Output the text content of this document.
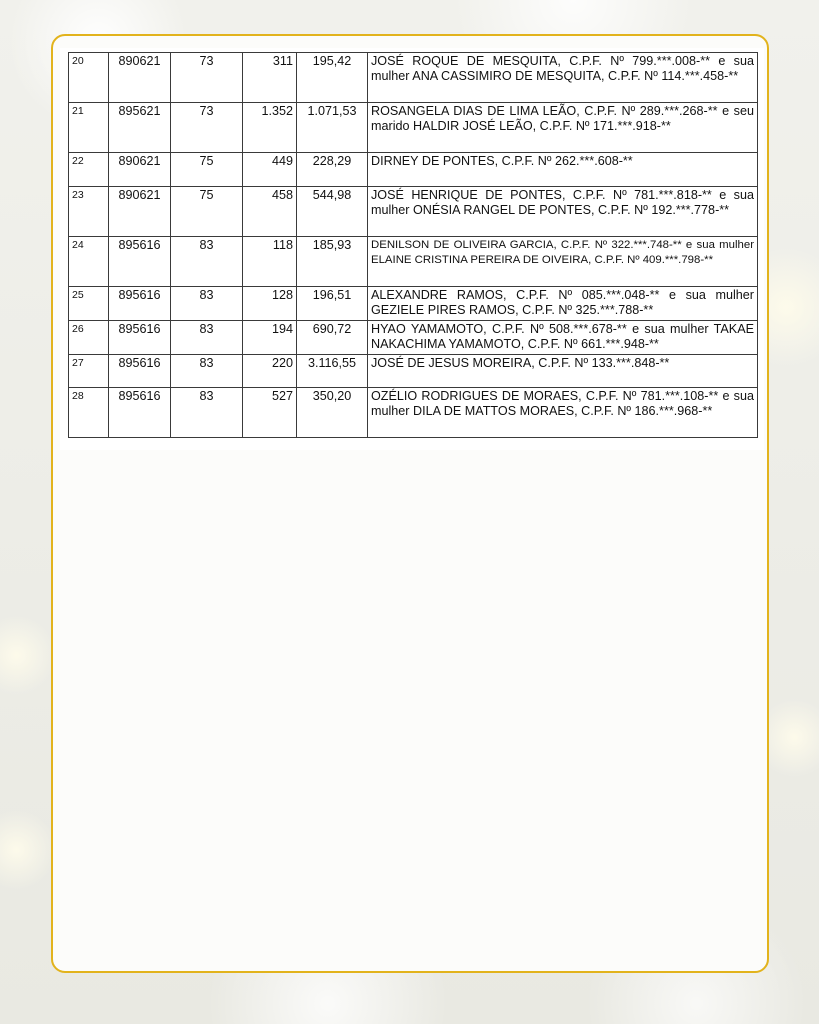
20	890621	73	311	195,42	JOSÉ ROQUE DE MESQUITA, C.P.F. Nº 799.***.008-** e sua mulher ANA CASSIMIRO DE MESQUITA, C.P.F. Nº 114.***.458-**
21	895621	73	1.352	1.071,53	ROSANGELA DIAS DE LIMA LEÃO, C.P.F. Nº 289.***.268-** e seu marido HALDIR JOSÉ LEÃO, C.P.F. Nº 171.***.918-**
22	890621	75	449	228,29	DIRNEY DE PONTES, C.P.F. Nº 262.***.608-**
23	890621	75	458	544,98	JOSÉ HENRIQUE DE PONTES, C.P.F. Nº 781.***.818-** e sua mulher ONÉSIA RANGEL DE PONTES, C.P.F. Nº 192.***.778-**
24	895616	83	118	185,93	DENILSON DE OLIVEIRA GARCIA, C.P.F. Nº 322.***.748-** e sua mulher ELAINE CRISTINA PEREIRA DE OIVEIRA, C.P.F. Nº 409.***.798-**
25	895616	83	128	196,51	ALEXANDRE RAMOS, C.P.F. Nº 085.***.048-** e sua mulher GEZIELE PIRES RAMOS, C.P.F. Nº 325.***.788-**
26	895616	83	194	690,72	HYAO YAMAMOTO, C.P.F. Nº 508.***.678-** e sua mulher TAKAE NAKACHIMA YAMAMOTO, C.P.F. Nº 661.***.948-**
27	895616	83	220	3.116,55	JOSÉ DE JESUS MOREIRA, C.P.F. Nº 133.***.848-**
28	895616	83	527	350,20	OZÉLIO RODRIGUES DE MORAES, C.P.F. Nº 781.***.108-** e sua mulher DILA DE MATTOS MORAES, C.P.F. Nº 186.***.968-**
